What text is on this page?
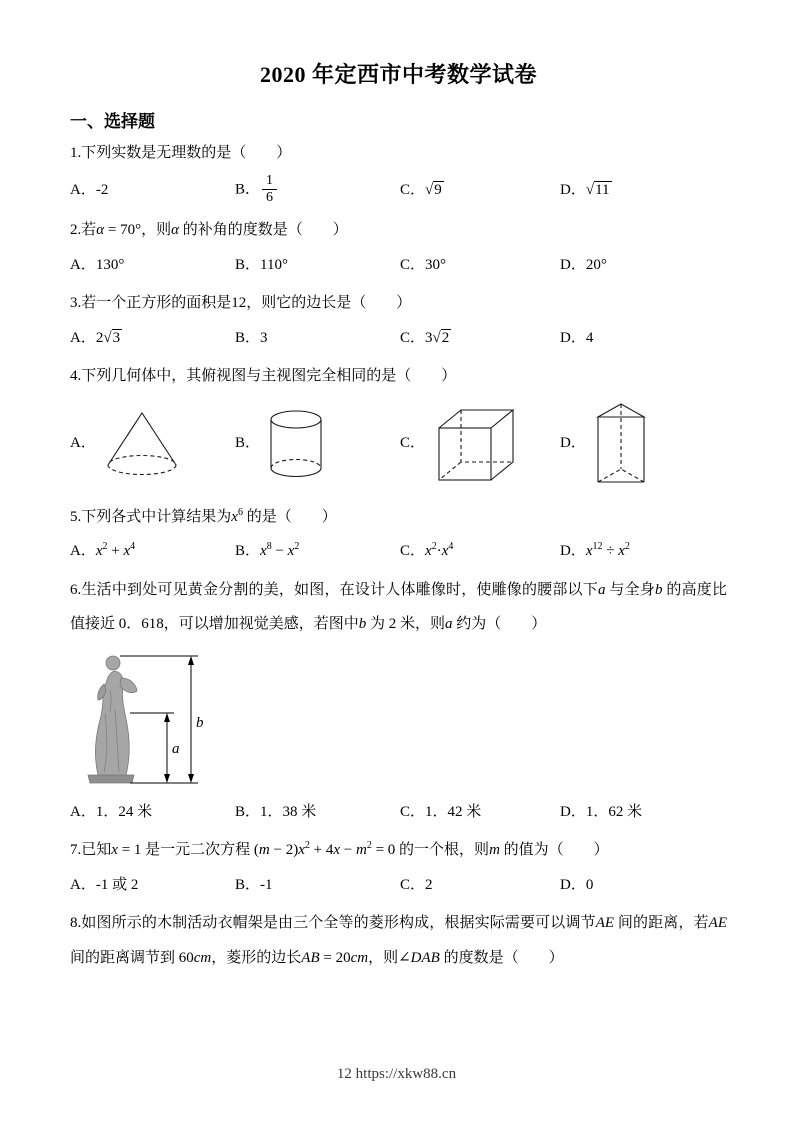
2020 年定西市中考数学试卷
一、选择题

1.下列实数是无理数的是（　　）

A．-2	B． $\frac{1}{6}$	C．√9	D．√11

2.若α = 70°，则α 的补角的度数是（　　）

A．130°	B．110°	C．30°	D．20°

3.若一个正方形的面积是12，则它的边长是（　　）

A．2√3	B．3	C．3√2	D．4

4.下列几何体中，其俯视图与主视图完全相同的是（　　）

A．	B．	C．	D．

5.下列各式中计算结果为$x^6$ 的是（　　）

A．$x^2 + x^4$	B．$x^8 - x^2$	C．$x^2\cdot x^4$	D．$x^{12} \div x^2$

6.生活中到处可见黄金分割的美，如图，在设计人体雕像时，使雕像的腰部以下a 与全身b 的高度比值接近 0．618，可以增加视觉美感，若图中b 为 2 米，则a 约为（　　）

b
a
A．1．24 米	B．1．38 米	C．1．42 米	D．1．62 米

7.已知x = 1 是一元二次方程 $(m - 2)x^2 + 4x - m^2 = 0$ 的一个根，则m 的值为（　　）

A．-1 或 2	B．-1	C．2	D．0

8.如图所示的木制活动衣帽架是由三个全等的菱形构成，根据实际需要可以调节AE 间的距离，若AE 间的距离调节到 60cm，菱形的边长AB = 20cm，则∠DAB 的度数是（　　）

12 https://xkw88.cn
